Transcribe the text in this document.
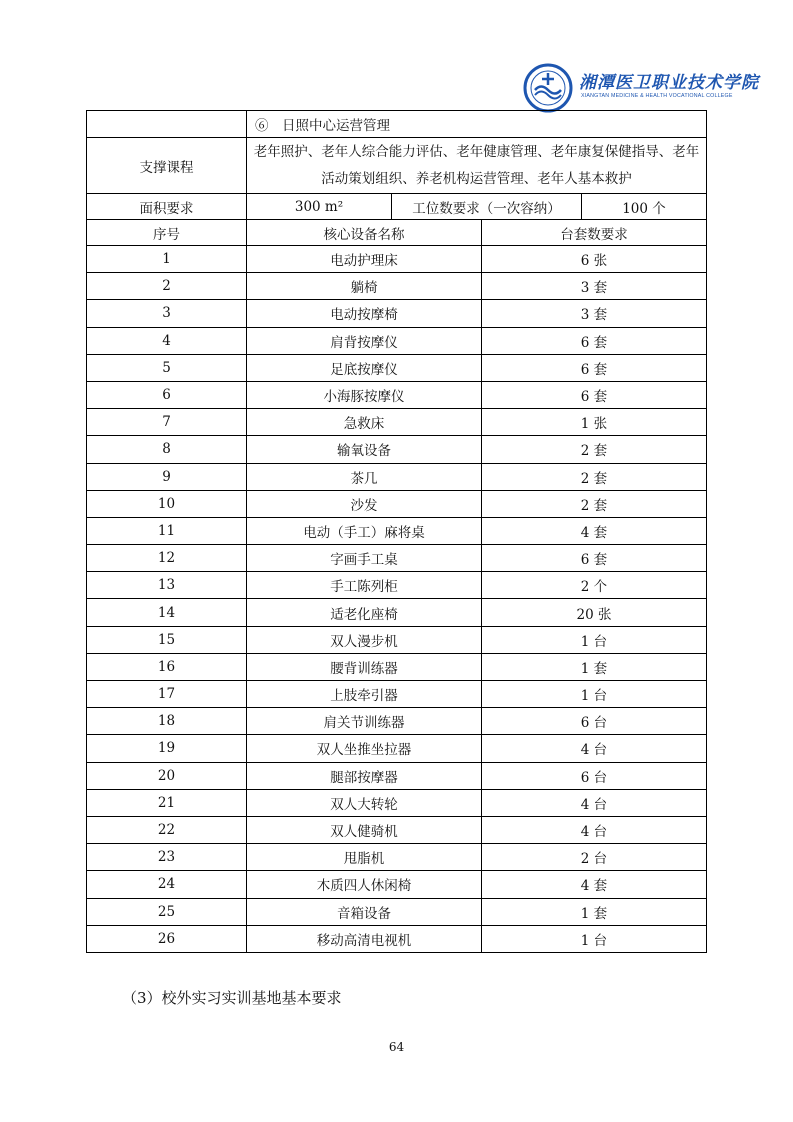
湘潭医卫职业技术学院
XIANGTAN MEDICINE & HEALTH VOCATIONAL COLLEGE
	⑥　日照中心运营管理			
支撑课程	老年照护、老年人综合能力评估、老年健康管理、老年康复保健指导、老年活动策划组织、养老机构运营管理、老年人基本救护			
面积要求	300 m²	工位数要求（一次容纳）		100 个
序号	核心设备名称		台套数要求	
1	电动护理床		6 张	
2	躺椅		3 套	
3	电动按摩椅		3 套	
4	肩背按摩仪		6 套	
5	足底按摩仪		6 套	
6	小海豚按摩仪		6 套	
7	急救床		1 张	
8	输氧设备		2 套	
9	茶几		2 套	
10	沙发		2 套	
11	电动（手工）麻将桌		4 套	
12	字画手工桌		6 套	
13	手工陈列柜		2 个	
14	适老化座椅		20 张	
15	双人漫步机		1 台	
16	腰背训练器		1 套	
17	上肢牵引器		1 台	
18	肩关节训练器		6 台	
19	双人坐推坐拉器		4 台	
20	腿部按摩器		6 台	
21	双人大转轮		4 台	
22	双人健骑机		4 台	
23	甩脂机		2 台	
24	木质四人休闲椅		4 套	
25	音箱设备		1 套	
26	移动高清电视机		1 台	
（3）校外实习实训基地基本要求
64
